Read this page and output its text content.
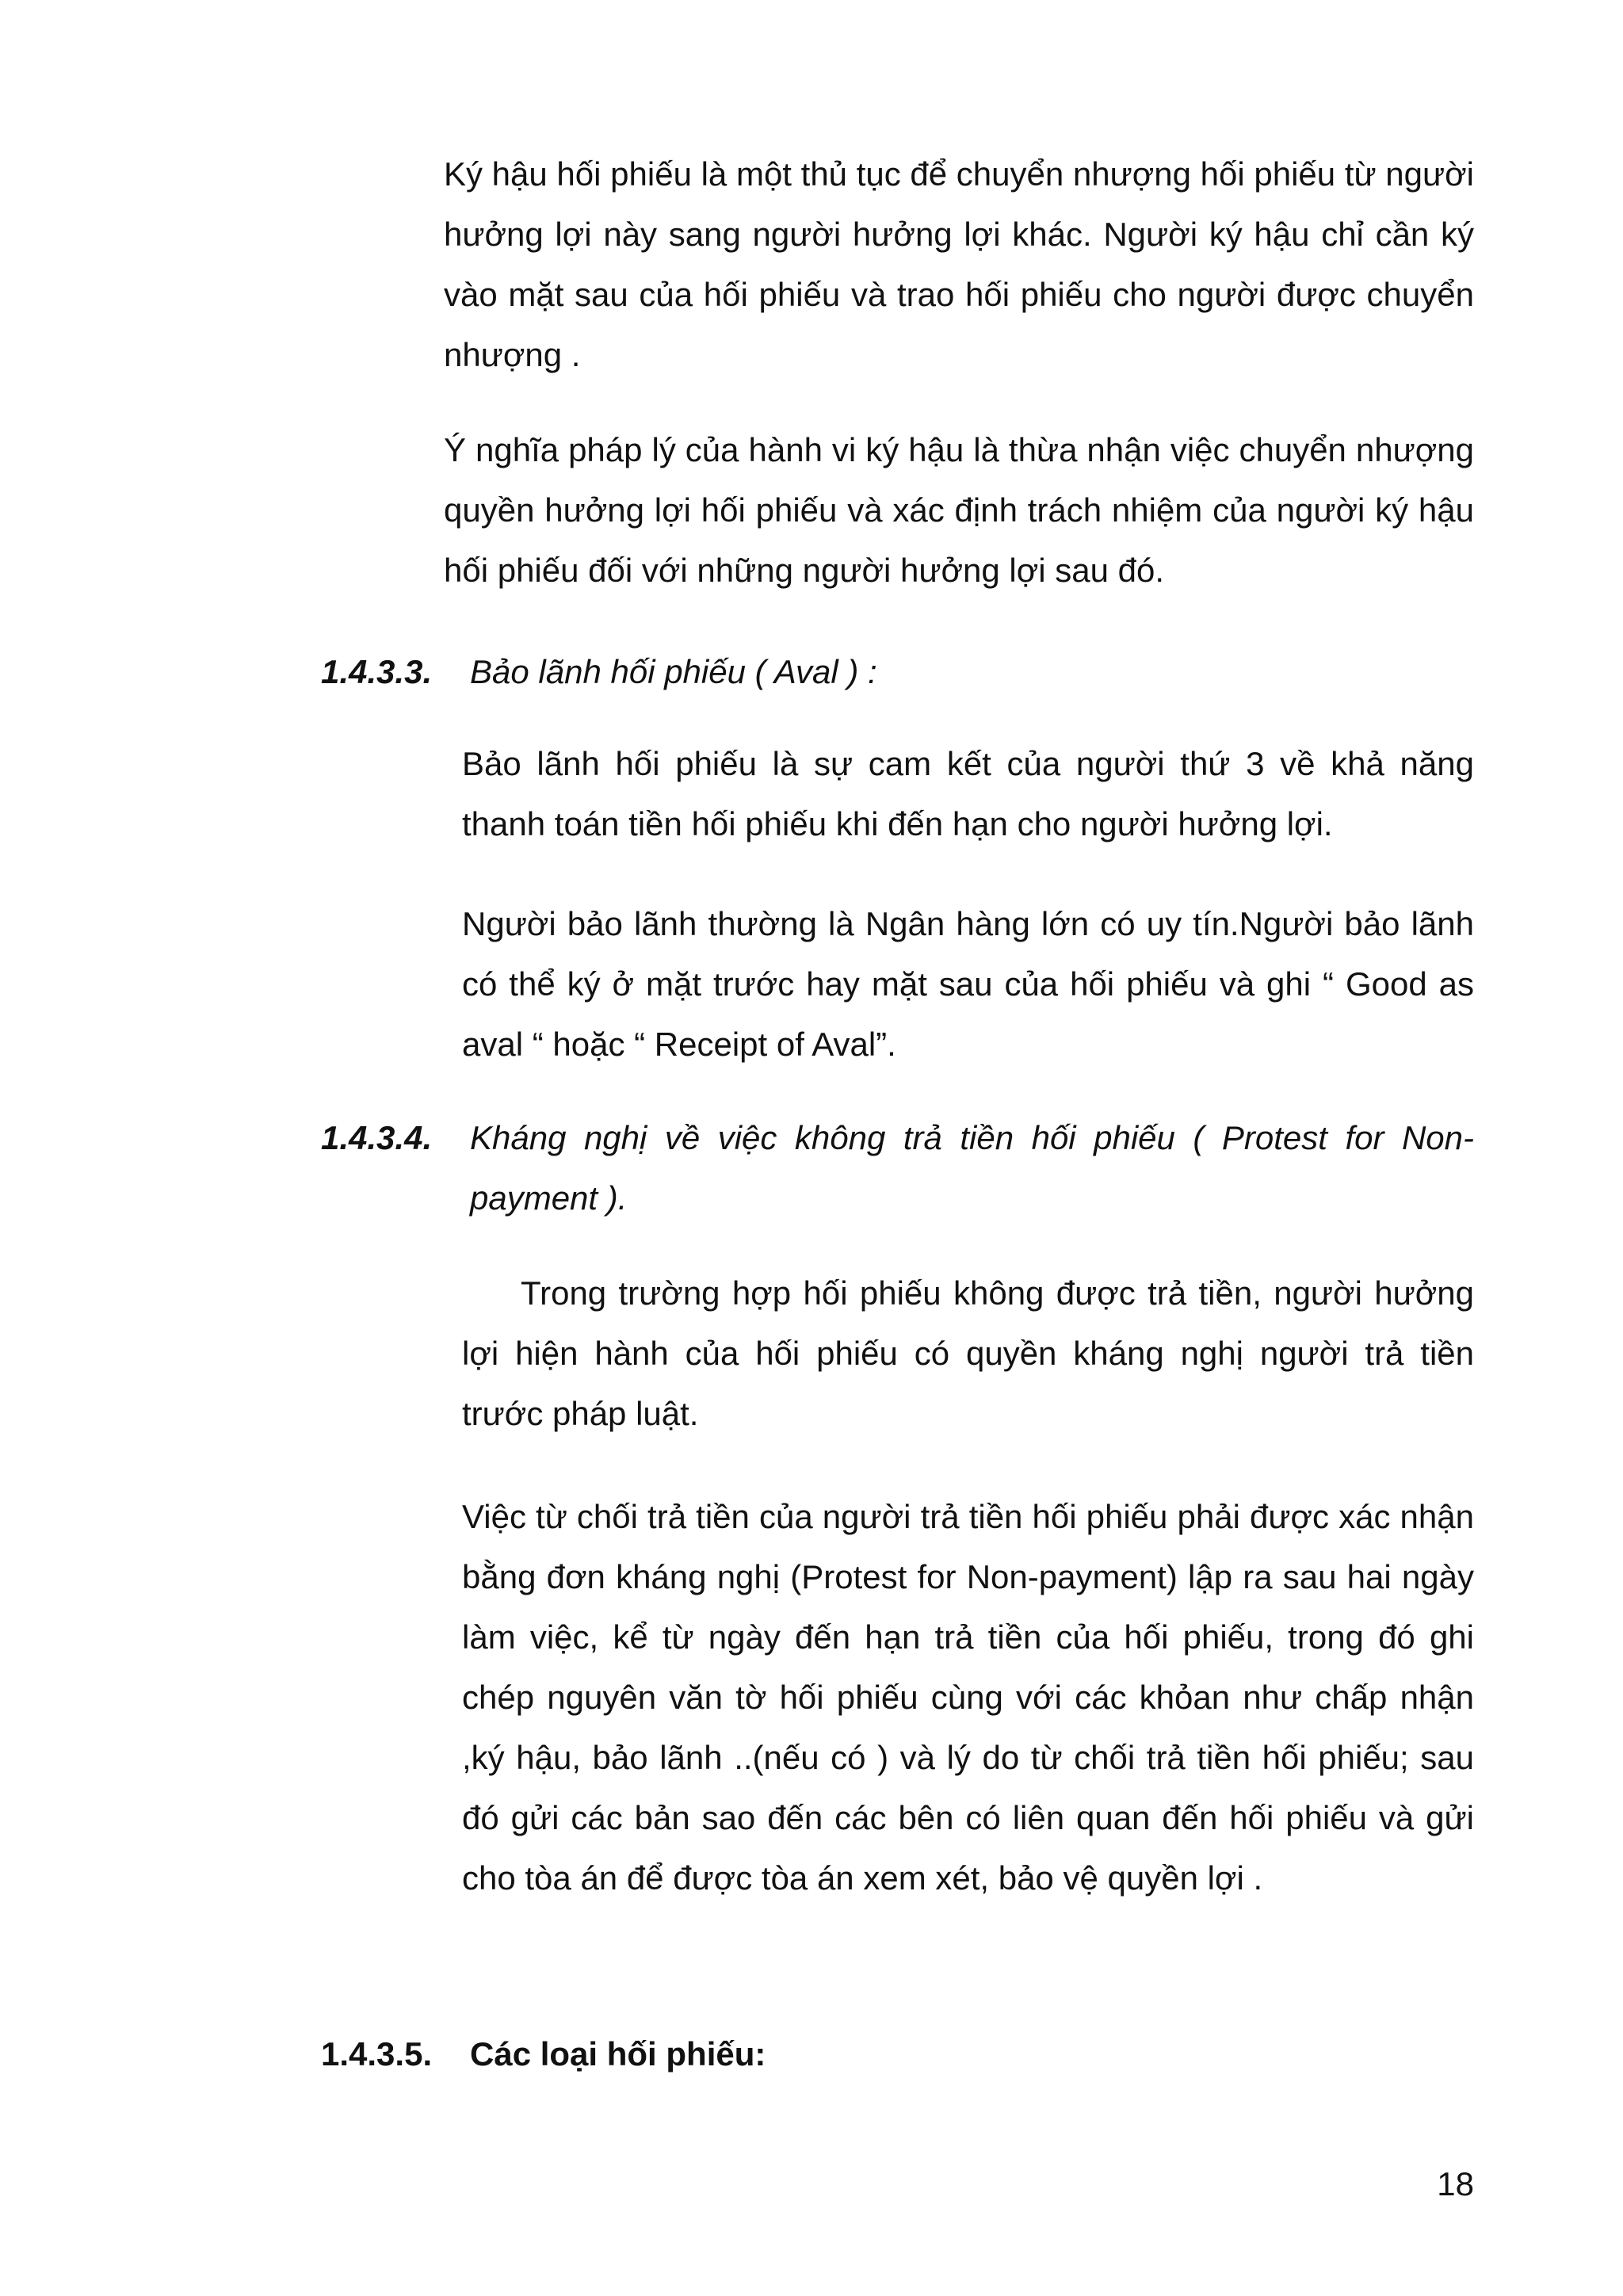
Ký hậu hối phiếu là một thủ tục để chuyển nhượng hối phiếu từ người hưởng lợi này sang người hưởng lợi khác. Người ký hậu chỉ cần ký vào mặt sau của hối phiếu và trao hối phiếu cho người được chuyển nhượng .

Ý nghĩa pháp lý của hành vi ký hậu là thừa nhận việc chuyển nhượng quyền hưởng lợi hối phiếu và xác định trách nhiệm của người ký hậu hối phiếu đối với những người hưởng lợi sau đó.

1.4.3.3. Bảo lãnh hối phiếu ( Aval ) :

Bảo lãnh hối phiếu là sự cam kết của người thứ 3 về khả năng thanh toán tiền hối phiếu khi đến hạn cho người hưởng lợi.

Người bảo lãnh thường là Ngân hàng lớn có uy tín.Người bảo lãnh có thể ký ở mặt trước hay mặt sau của hối phiếu và ghi “ Good as aval “ hoặc “ Receipt of Aval”.

1.4.3.4. Kháng nghị về việc không trả tiền hối phiếu ( Protest for Non-payment ).

Trong trường hợp hối phiếu không được trả tiền, người hưởng lợi hiện hành của hối phiếu có quyền kháng nghị người trả tiền trước pháp luật.

Việc từ chối trả tiền của người trả tiền hối phiếu phải được xác nhận bằng đơn kháng nghị (Protest for Non-payment) lập ra sau hai ngày làm việc, kể từ ngày đến hạn trả tiền của hối phiếu, trong đó ghi chép nguyên văn tờ hối phiếu cùng với các khỏan như chấp nhận ,ký hậu, bảo lãnh ..(nếu có ) và lý do từ chối trả tiền hối phiếu; sau đó gửi các bản sao đến các bên có liên quan đến hối phiếu và gửi cho tòa án để được tòa án xem xét, bảo vệ quyền lợi .

1.4.3.5. Các loại hối phiếu:
18
